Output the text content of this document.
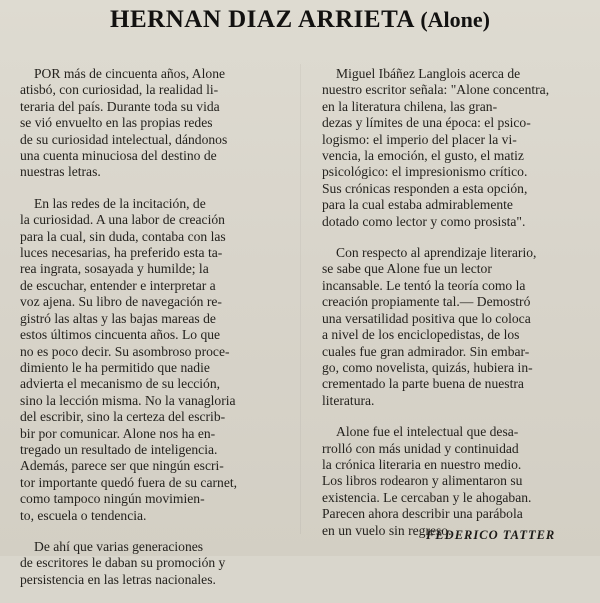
HERNAN DIAZ ARRIETA (Alone)
POR más de cincuenta años, Alone
atisbó, con curiosidad, la realidad li-
teraria del país. Durante toda su vida
se vió envuelto en las propias redes
de su curiosidad intelectual, dándonos
una cuenta minuciosa del destino de
nuestras letras.
En las redes de la incitación, de
la curiosidad. A una labor de creación
para la cual, sin duda, contaba con las
luces necesarias, ha preferido esta ta-
rea ingrata, sosayada y humilde; la
de escuchar, entender e interpretar a
voz ajena. Su libro de navegación re-
gistró las altas y las bajas mareas de
estos últimos cincuenta años. Lo que
no es poco decir. Su asombroso proce-
dimiento le ha permitido que nadie
advierta el mecanismo de su lección,
sino la lección misma. No la vanagloria
del escribir, sino la certeza del escrib-
bir por comunicar. Alone nos ha en-
tregado un resultado de inteligencia.
Además, parece ser que ningún escri-
tor importante quedó fuera de su carnet,
como tampoco ningún movimien-
to, escuela o tendencia.
De ahí que varias generaciones
de escritores le daban su promoción y
persistencia en las letras nacionales.
Miguel Ibáñez Langlois acerca de
nuestro escritor señala: "Alone concentra,
en la literatura chilena, las gran-
dezas y límites de una época: el psico-
logismo: el imperio del placer la vi-
vencia, la emoción, el gusto, el matiz
psicológico: el impresionismo crítico.
Sus crónicas responden a esta opción,
para la cual estaba admirablemente
dotado como lector y como prosista".
Con respecto al aprendizaje literario,
se sabe que Alone fue un lector
incansable. Le tentó la teoría como la
creación propiamente tal.— Demostró
una versatilidad positiva que lo coloca
a nivel de los enciclopedistas, de los
cuales fue gran admirador. Sin embar-
go, como novelista, quizás, hubiera in-
crementado la parte buena de nuestra
literatura.
Alone fue el intelectual que desa-
rrolló con más unidad y continuidad
la crónica literaria en nuestro medio.
Los libros rodearon y alimentaron su
existencia. Le cercaban y le ahogaban.
Parecen ahora describir una parábola
en un vuelo sin regreso.
FEDERICO TATTER
